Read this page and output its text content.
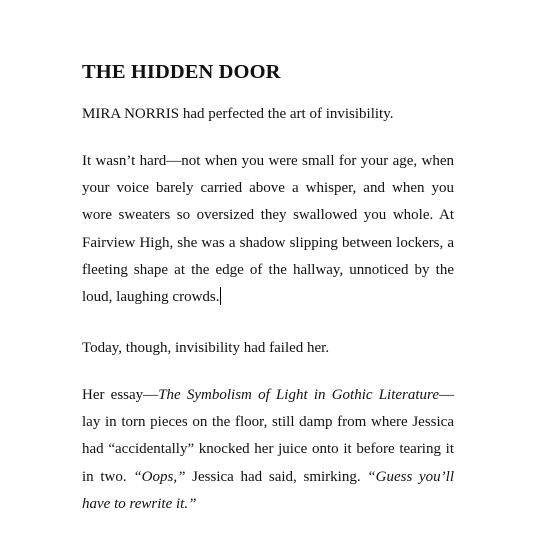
THE HIDDEN DOOR

MIRA NORRIS had perfected the art of invisibility.

It wasn’t hard—not when you were small for your age, when your voice barely carried above a whisper, and when you wore sweaters so oversized they swallowed you whole. At Fairview High, she was a shadow slipping between lockers, a fleeting shape at the edge of the hallway, unnoticed by the loud, laughing crowds.

Today, though, invisibility had failed her.

Her essay—The Symbolism of Light in Gothic Literature—lay in torn pieces on the floor, still damp from where Jessica had “accidentally” knocked her juice onto it before tearing it in two. “Oops,” Jessica had said, smirking. “Guess you’ll have to rewrite it.”
